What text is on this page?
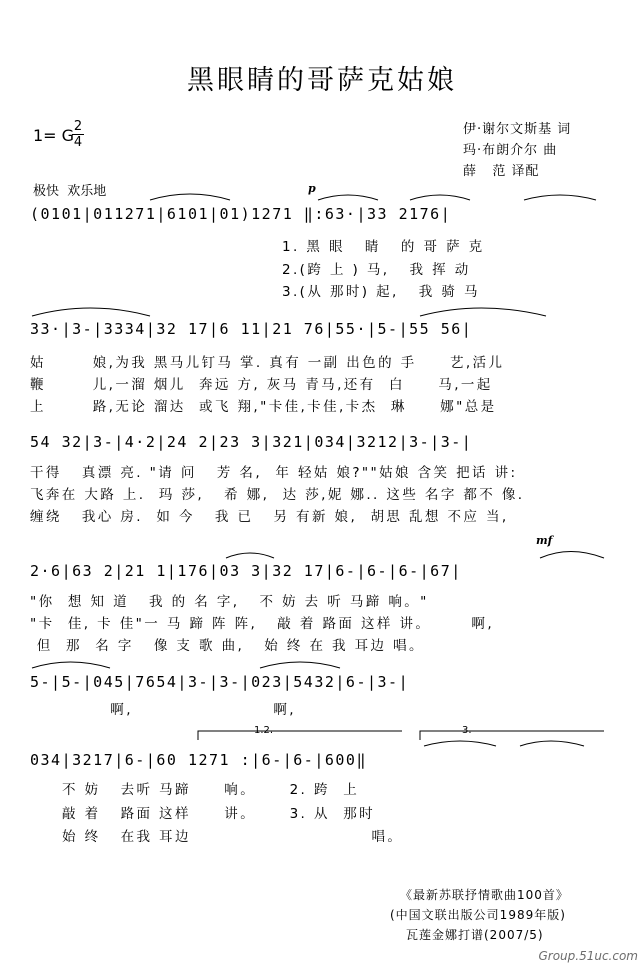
黑眼睛的哥萨克姑娘
1= G 2
4
伊·谢尔文斯基 词
玛·布朗介尔 曲
薛   范 译配
极快  欢乐地	p
mf
(0101|011271|6101|01)1271 ‖:63·|33 2176|
1. 黑 眼   睛   的 哥 萨 克
2.(跨 上 ) 马,   我 挥 动
3.(从 那时) 起,   我 骑 马
33·|3-|3334|32 17|6 11|21 76|55·|5-|55 56|
姑       娘,为我 黑马儿钉马 掌. 真有 一副 出色的 手     艺,活儿
鞭       儿,一溜 烟儿  奔远 方, 灰马 青马,还有  白     马,一起
上       路,无论 溜达  或飞 翔,"卡佳,卡佳,卡杰  琳     娜"总是
54 32|3-|4·2|24 2|23 3|321|034|3212|3-|3-|
干得   真漂 亮. "请 问   芳 名,  年 轻姑 娘?""姑娘 含笑 把话 讲:
飞奔在 大路 上.  玛 莎,   希 娜,  达 莎,妮 娜.. 这些 名字 都不 像.
缠绕   我心 房.  如 今   我 已   另 有新 娘,  胡思 乱想 不应 当,
2·6|63 2|21 1|176|03 3|32 17|6-|6-|6-|67|
"你  想 知 道   我 的 名 字,   不 妨 去 听 马蹄 响。"
"卡  佳, 卡 佳"一 马 蹄 阵 阵,   敲 着 路面 这样 讲。      啊,
但  那  名 字   像 支 歌 曲,   始 终 在 我 耳边 唱。
5-|5-|045|7654|3-|3-|023|5432|6-|3-|
啊,                     啊,
034|3217|6-|60 1271 :|6-|6-|600‖
不 妨   去听 马蹄     响。     2. 跨  上
敲 着   路面 这样     讲。     3. 从  那时
始 终   在我 耳边                           唱。
1.2.	3.
《最新苏联抒情歌曲100首》
(中国文联出版公司1989年版)
瓦莲金娜打谱(2007/5)
Group.51uc.com
